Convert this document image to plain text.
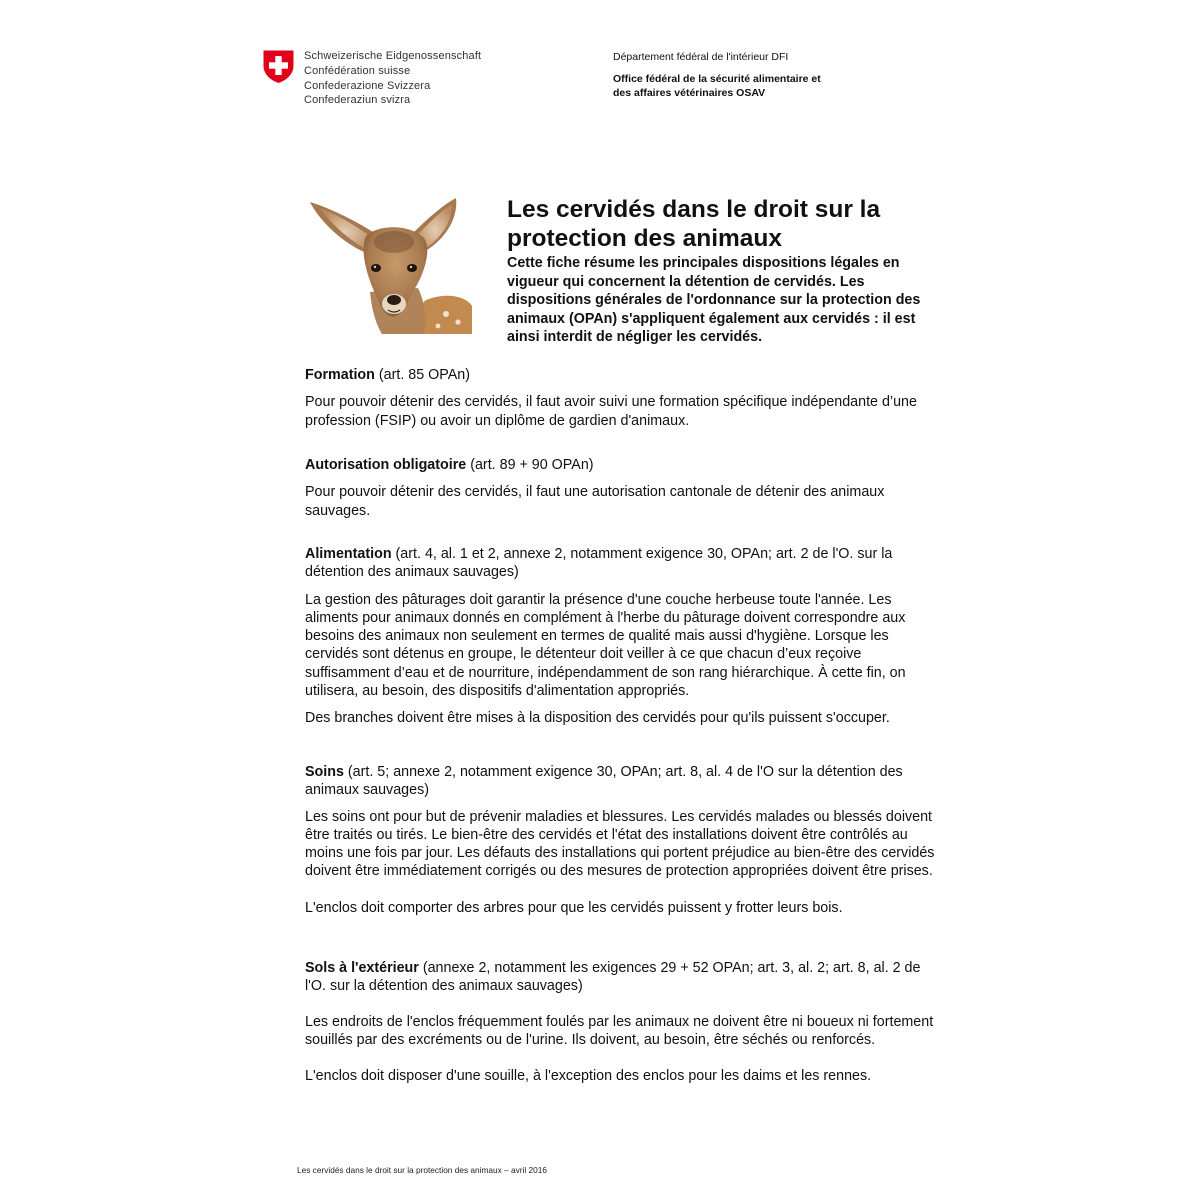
Schweizerische Eidgenossenschaft
Confédération suisse
Confederazione Svizzera
Confederaziun svizra
Département fédéral de l'intérieur DFI
Office fédéral de la sécurité alimentaire et
des affaires vétérinaires OSAV
Les cervidés dans le droit sur la protection des animaux

Cette fiche résume les principales dispositions légales en vigueur qui concernent la détention de cervidés. Les dispositions générales de l'ordonnance sur la protection des animaux (OPAn) s'appliquent également aux cervidés : il est ainsi interdit de négliger les cervidés.

Formation (art. 85 OPAn)

Pour pouvoir détenir des cervidés, il faut avoir suivi une formation spécifique indépendante d’une profession (FSIP) ou avoir un diplôme de gardien d'animaux.

Autorisation obligatoire (art. 89 + 90 OPAn)

Pour pouvoir détenir des cervidés, il faut une autorisation cantonale de détenir des animaux sauvages.

Alimentation (art. 4, al. 1 et 2, annexe 2, notamment exigence 30, OPAn; art. 2 de l'O. sur la détention des animaux sauvages)

La gestion des pâturages doit garantir la présence d'une couche herbeuse toute l'année. Les aliments pour animaux donnés en complément à l'herbe du pâturage doivent correspondre aux besoins des animaux non seulement en termes de qualité mais aussi d'hygiène. Lorsque les cervidés sont détenus en groupe, le détenteur doit veiller à ce que chacun d’eux reçoive suffisamment d’eau et de nourriture, indépendamment de son rang hiérarchique. À cette fin, on utilisera, au besoin, des dispositifs d'alimentation appropriés.

Des branches doivent être mises à la disposition des cervidés pour qu'ils puissent s'occuper.

Soins (art. 5; annexe 2, notamment exigence 30, OPAn; art. 8, al. 4 de l'O sur la détention des animaux sauvages)

Les soins ont pour but de prévenir maladies et blessures. Les cervidés malades ou blessés doivent être traités ou tirés. Le bien-être des cervidés et l'état des installations doivent être contrôlés au moins une fois par jour. Les défauts des installations qui portent préjudice au bien-être des cervidés doivent être immédiatement corrigés ou des mesures de protection appropriées doivent être prises.

L'enclos doit comporter des arbres pour que les cervidés puissent y frotter leurs bois.

Sols à l'extérieur (annexe 2, notamment les exigences 29 + 52 OPAn; art. 3, al. 2; art. 8, al. 2 de l'O. sur la détention des animaux sauvages)

Les endroits de l'enclos fréquemment foulés par les animaux ne doivent être ni boueux ni fortement souillés par des excréments ou de l'urine. Ils doivent, au besoin, être séchés ou renforcés.

L'enclos doit disposer d'une souille, à l'exception des enclos pour les daims et les rennes.

Les cervidés dans le droit sur la protection des animaux – avril 2016
